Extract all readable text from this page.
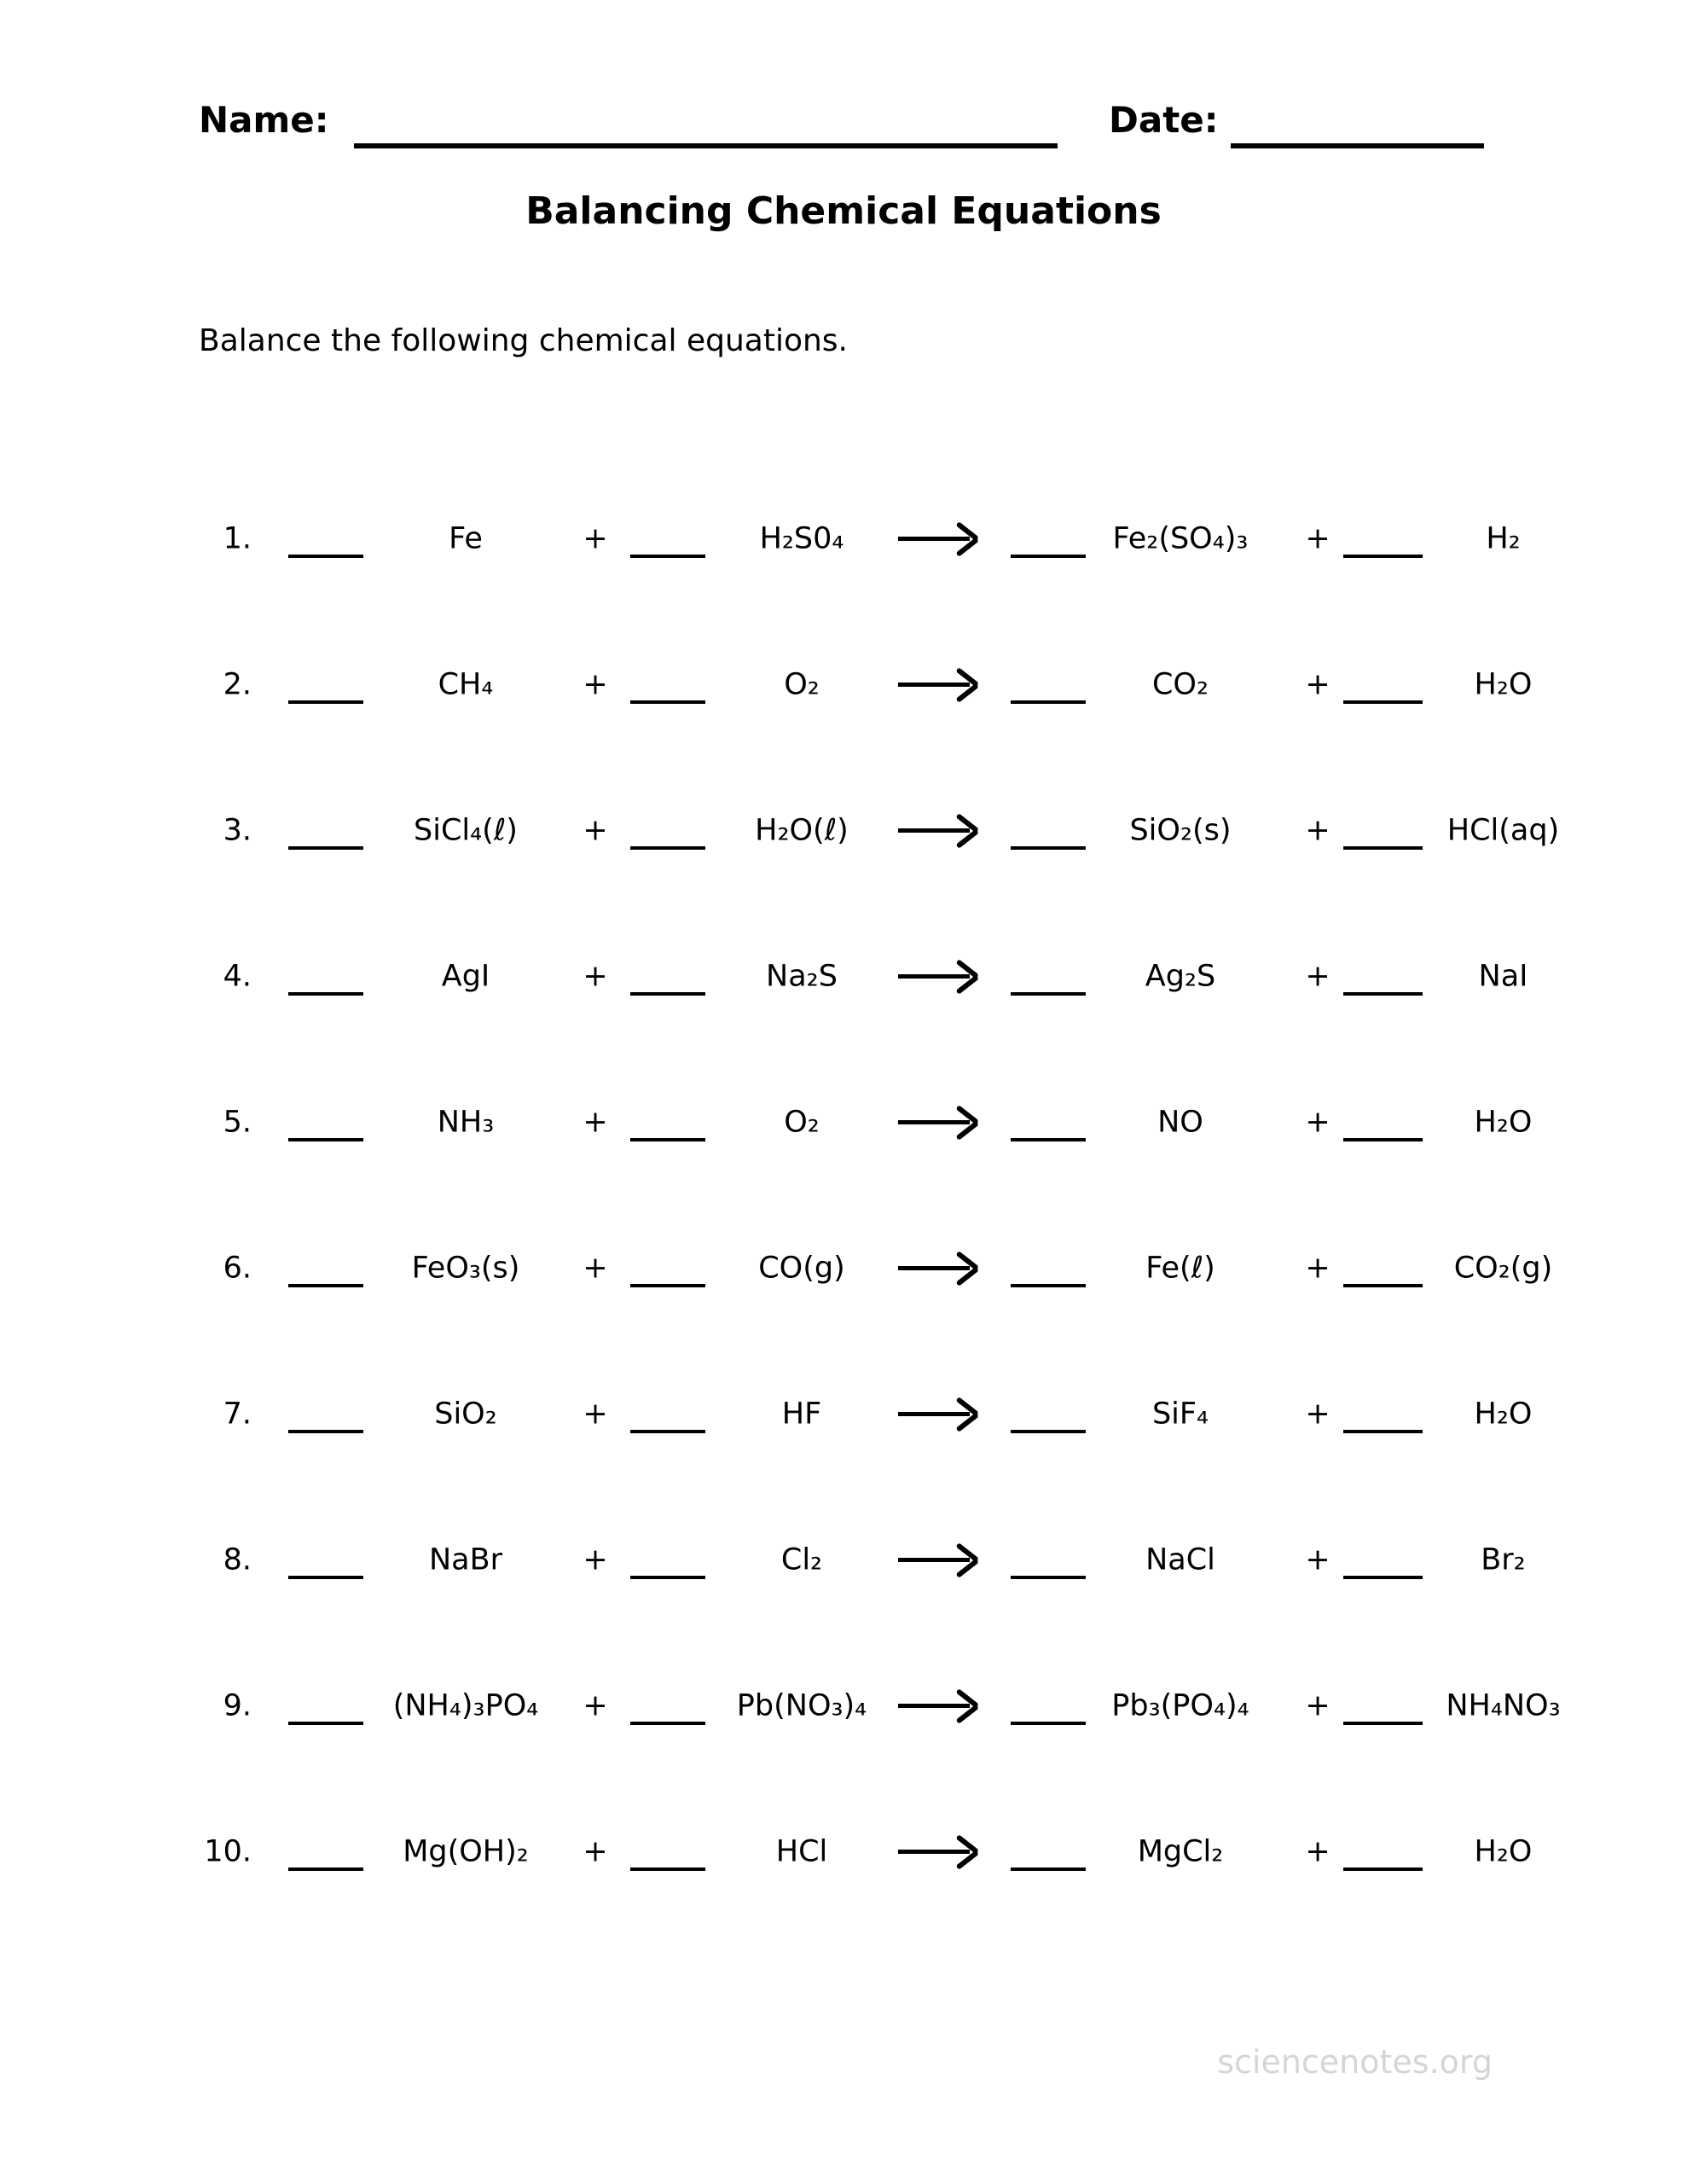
Name:	Date:
Balancing Chemical Equations
Balance the following chemical equations.
1.	Fe	+	H₂S0₄	Fe₂(SO₄)₃	+	H₂
2.	CH₄	+	O₂	CO₂	+	H₂O
3.	SiCl₄(ℓ)	+	H₂O(ℓ)	SiO₂(s)	+	HCl(aq)
4.	AgI	+	Na₂S	Ag₂S	+	NaI
5.	NH₃	+	O₂	NO	+	H₂O
6.	FeO₃(s)	+	CO(g)	Fe(ℓ)	+	CO₂(g)
7.	SiO₂	+	HF	SiF₄	+	H₂O
8.	NaBr	+	Cl₂	NaCl	+	Br₂
9.	(NH₄)₃PO₄	+	Pb(NO₃)₄	Pb₃(PO₄)₄	+	NH₄NO₃
10.	Mg(OH)₂	+	HCl	MgCl₂	+	H₂O
sciencenotes.org
